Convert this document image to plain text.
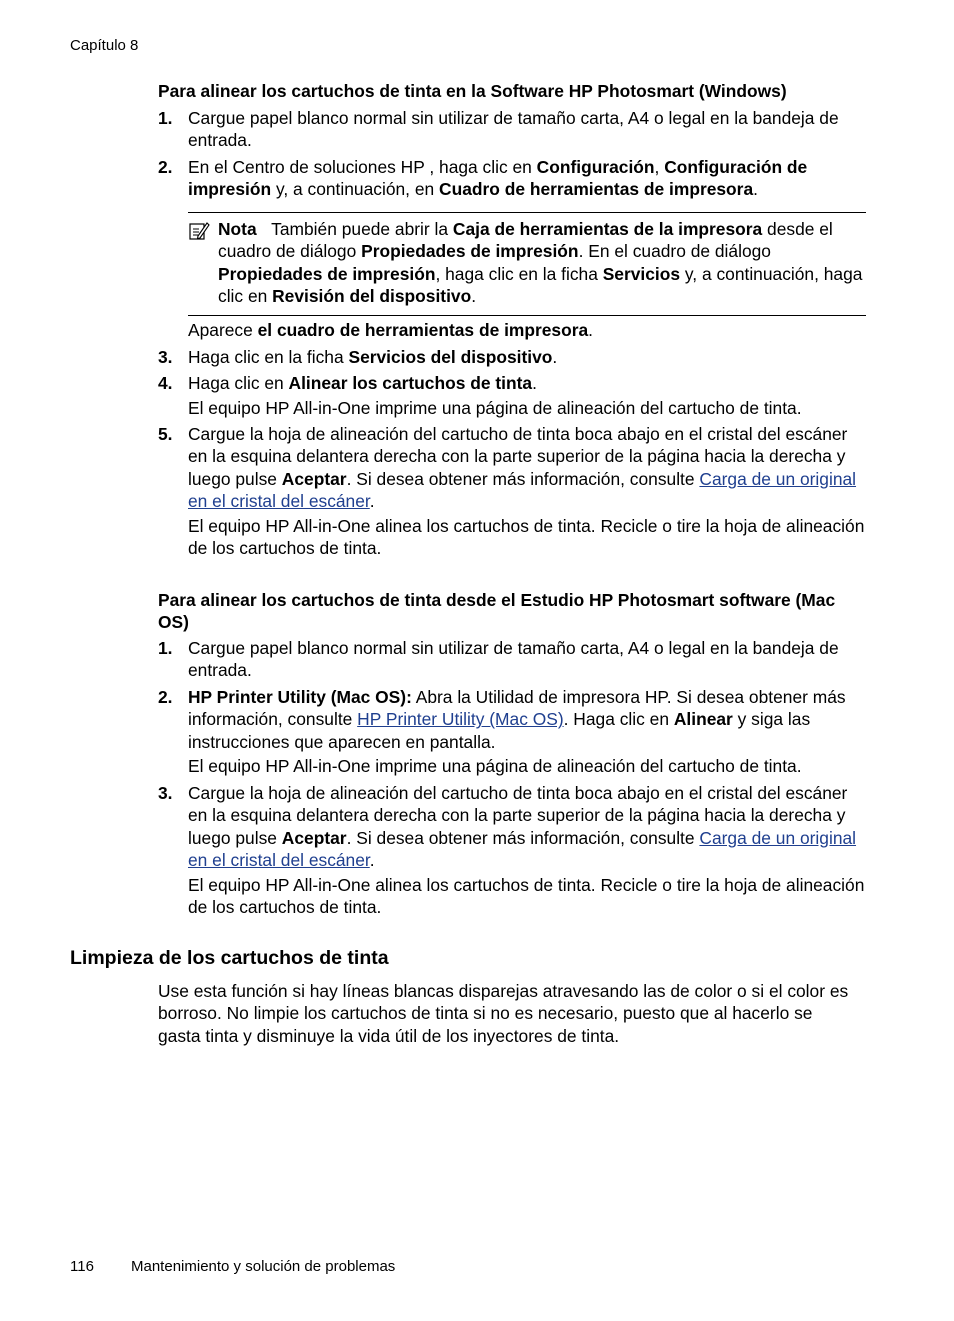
Capítulo 8
Para alinear los cartuchos de tinta en la Software HP Photosmart (Windows)
1. Cargue papel blanco normal sin utilizar de tamaño carta, A4 o legal en la bandeja de entrada.
2. En el Centro de soluciones HP , haga clic en Configuración, Configuración de impresión y, a continuación, en Cuadro de herramientas de impresora.
Nota También puede abrir la Caja de herramientas de la impresora desde el cuadro de diálogo Propiedades de impresión. En el cuadro de diálogo Propiedades de impresión, haga clic en la ficha Servicios y, a continuación, haga clic en Revisión del dispositivo.
Aparece el cuadro de herramientas de impresora.
3. Haga clic en la ficha Servicios del dispositivo.
4. Haga clic en Alinear los cartuchos de tinta.
El equipo HP All-in-One imprime una página de alineación del cartucho de tinta.
5. Cargue la hoja de alineación del cartucho de tinta boca abajo en el cristal del escáner en la esquina delantera derecha con la parte superior de la página hacia la derecha y luego pulse Aceptar. Si desea obtener más información, consulte Carga de un original en el cristal del escáner.
El equipo HP All-in-One alinea los cartuchos de tinta. Recicle o tire la hoja de alineación de los cartuchos de tinta.
Para alinear los cartuchos de tinta desde el Estudio HP Photosmart software (Mac OS)
1. Cargue papel blanco normal sin utilizar de tamaño carta, A4 o legal en la bandeja de entrada.
2. HP Printer Utility (Mac OS): Abra la Utilidad de impresora HP. Si desea obtener más información, consulte HP Printer Utility (Mac OS). Haga clic en Alinear y siga las instrucciones que aparecen en pantalla.
El equipo HP All-in-One imprime una página de alineación del cartucho de tinta.
3. Cargue la hoja de alineación del cartucho de tinta boca abajo en el cristal del escáner en la esquina delantera derecha con la parte superior de la página hacia la derecha y luego pulse Aceptar. Si desea obtener más información, consulte Carga de un original en el cristal del escáner.
El equipo HP All-in-One alinea los cartuchos de tinta. Recicle o tire la hoja de alineación de los cartuchos de tinta.
Limpieza de los cartuchos de tinta
Use esta función si hay líneas blancas disparejas atravesando las de color o si el color es borroso. No limpie los cartuchos de tinta si no es necesario, puesto que al hacerlo se gasta tinta y disminuye la vida útil de los inyectores de tinta.
116 Mantenimiento y solución de problemas
